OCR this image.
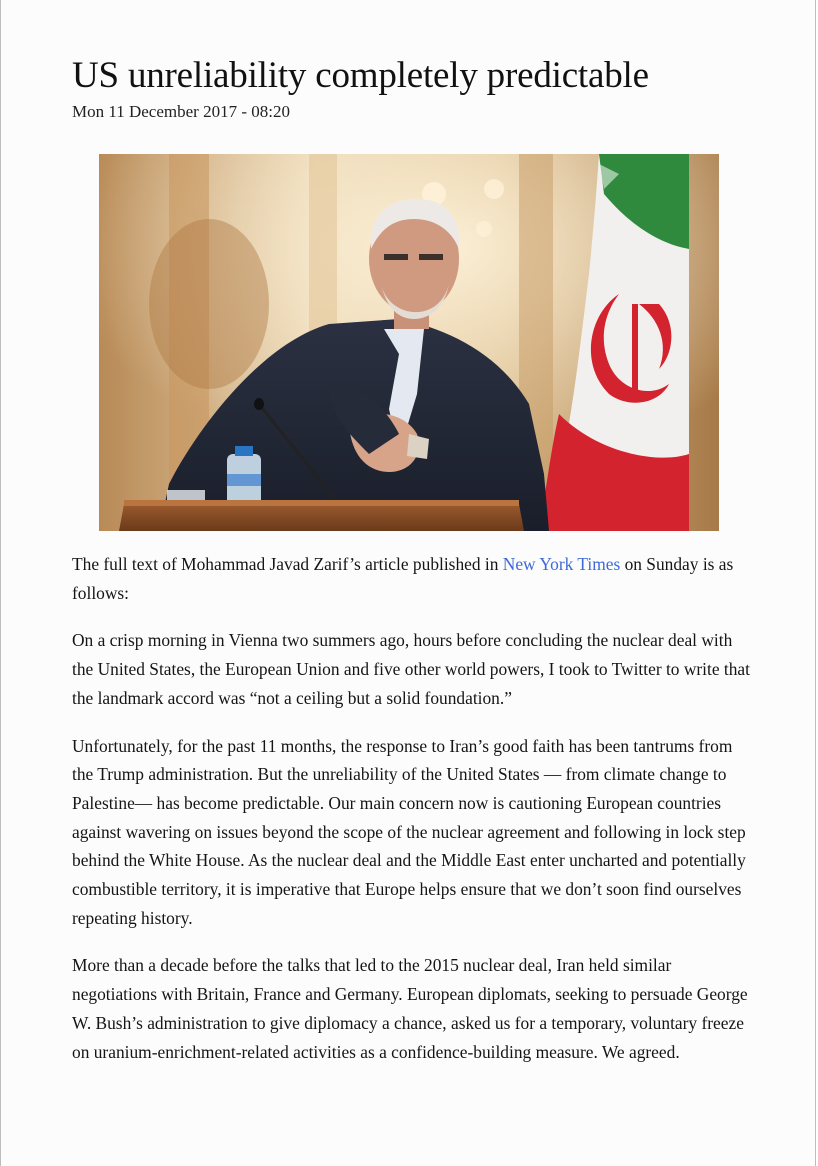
US unreliability completely predictable
Mon 11 December 2017 - 08:20

The full text of Mohammad Javad Zarif’s article published in New York Times on Sunday is as follows:

On a crisp morning in Vienna two summers ago, hours before concluding the nuclear deal with the United States, the European Union and five other world powers, I took to Twitter to write that the landmark accord was “not a ceiling but a solid foundation.”

Unfortunately, for the past 11 months, the response to Iran’s good faith has been tantrums from the Trump administration. But the unreliability of the United States — from climate change to Palestine— has become predictable. Our main concern now is cautioning European countries against wavering on issues beyond the scope of the nuclear agreement and following in lock step behind the White House. As the nuclear deal and the Middle East enter uncharted and potentially combustible territory, it is imperative that Europe helps ensure that we don’t soon find ourselves repeating history.

More than a decade before the talks that led to the 2015 nuclear deal, Iran held similar negotiations with Britain, France and Germany. European diplomats, seeking to persuade George W. Bush’s administration to give diplomacy a chance, asked us for a temporary, voluntary freeze on uranium-enrichment-related activities as a confidence-building measure. We agreed.
